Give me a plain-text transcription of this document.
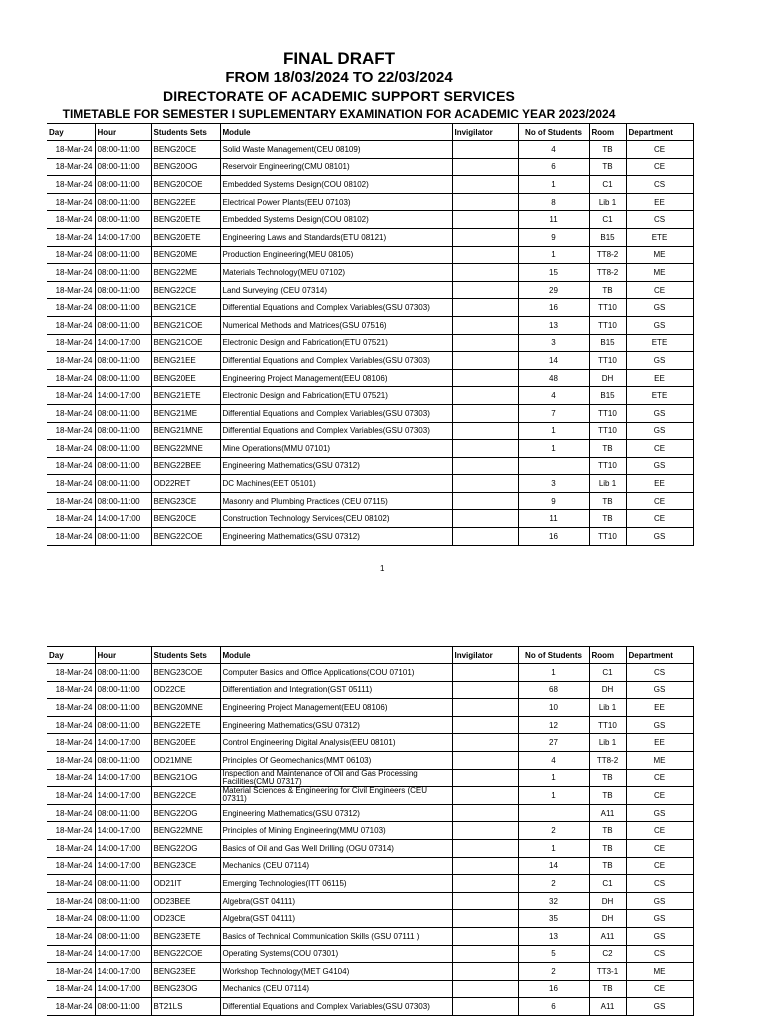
FINAL DRAFT
FROM 18/03/2024 TO 22/03/2024
DIRECTORATE OF ACADEMIC SUPPORT SERVICES
TIMETABLE FOR SEMESTER I SUPLEMENTARY EXAMINATION FOR ACADEMIC YEAR 2023/2024
Day	Hour	Students Sets	Module	Invigilator	No of Students	Room	Department
18-Mar-24	08:00-11:00	BENG20CE	Solid Waste Management(CEU 08109)		4	TB	CE
18-Mar-24	08:00-11:00	BENG20OG	Reservoir Engineering(CMU 08101)		6	TB	CE
18-Mar-24	08:00-11:00	BENG20COE	Embedded Systems Design(COU 08102)		1	C1	CS
18-Mar-24	08:00-11:00	BENG22EE	Electrical Power Plants(EEU 07103)		8	Lib 1	EE
18-Mar-24	08:00-11:00	BENG20ETE	Embedded Systems Design(COU 08102)		11	C1	CS
18-Mar-24	14:00-17:00	BENG20ETE	Engineering Laws and Standards(ETU 08121)		9	B15	ETE
18-Mar-24	08:00-11:00	BENG20ME	Production Engineering(MEU 08105)		1	TT8-2	ME
18-Mar-24	08:00-11:00	BENG22ME	Materials Technology(MEU 07102)		15	TT8-2	ME
18-Mar-24	08:00-11:00	BENG22CE	Land Surveying (CEU 07314)		29	TB	CE
18-Mar-24	08:00-11:00	BENG21CE	Differential Equations and Complex Variables(GSU 07303)		16	TT10	GS
18-Mar-24	08:00-11:00	BENG21COE	Numerical Methods and Matrices(GSU 07516)		13	TT10	GS
18-Mar-24	14:00-17:00	BENG21COE	Electronic Design and Fabrication(ETU 07521)		3	B15	ETE
18-Mar-24	08:00-11:00	BENG21EE	Differential Equations and Complex Variables(GSU 07303)		14	TT10	GS
18-Mar-24	08:00-11:00	BENG20EE	Engineering Project Management(EEU 08106)		48	DH	EE
18-Mar-24	14:00-17:00	BENG21ETE	Electronic Design and Fabrication(ETU 07521)		4	B15	ETE
18-Mar-24	08:00-11:00	BENG21ME	Differential Equations and Complex Variables(GSU 07303)		7	TT10	GS
18-Mar-24	08:00-11:00	BENG21MNE	Differential Equations and Complex Variables(GSU 07303)		1	TT10	GS
18-Mar-24	08:00-11:00	BENG22MNE	Mine Operations(MMU 07101)		1	TB	CE
18-Mar-24	08:00-11:00	BENG22BEE	Engineering Mathematics(GSU 07312)			TT10	GS
18-Mar-24	08:00-11:00	OD22RET	DC Machines(EET 05101)		3	Lib 1	EE
18-Mar-24	08:00-11:00	BENG23CE	Masonry and Plumbing Practices (CEU 07115)		9	TB	CE
18-Mar-24	14:00-17:00	BENG20CE	Construction Technology Services(CEU 08102)		11	TB	CE
18-Mar-24	08:00-11:00	BENG22COE	Engineering Mathematics(GSU 07312)		16	TT10	GS
1
Day	Hour	Students Sets	Module	Invigilator	No of Students	Room	Department
18-Mar-24	08:00-11:00	BENG23COE	Computer Basics and Office Applications(COU 07101)		1	C1	CS
18-Mar-24	08:00-11:00	OD22CE	Differentiation and Integration(GST 05111)		68	DH	GS
18-Mar-24	08:00-11:00	BENG20MNE	Engineering Project Management(EEU 08106)		10	Lib 1	EE
18-Mar-24	08:00-11:00	BENG22ETE	Engineering Mathematics(GSU 07312)		12	TT10	GS
18-Mar-24	14:00-17:00	BENG20EE	Control Engineering Digital Analysis(EEU 08101)		27	Lib 1	EE
18-Mar-24	08:00-11:00	OD21MNE	Principles Of Geomechanics(MMT 06103)		4	TT8-2	ME
18-Mar-24	14:00-17:00	BENG21OG	Inspection and Maintenance of Oil and Gas Processing Facilities(CMU 07317)		1	TB	CE
18-Mar-24	14:00-17:00	BENG22CE	Material Sciences & Engineering for Civil Engineers (CEU 07311)		1	TB	CE
18-Mar-24	08:00-11:00	BENG22OG	Engineering Mathematics(GSU 07312)			A11	GS
18-Mar-24	14:00-17:00	BENG22MNE	Principles of Mining Engineering(MMU 07103)		2	TB	CE
18-Mar-24	14:00-17:00	BENG22OG	Basics of Oil and Gas Well Drilling (OGU 07314)		1	TB	CE
18-Mar-24	14:00-17:00	BENG23CE	Mechanics (CEU 07114)		14	TB	CE
18-Mar-24	08:00-11:00	OD21IT	Emerging Technologies(ITT 06115)		2	C1	CS
18-Mar-24	08:00-11:00	OD23BEE	Algebra(GST 04111)		32	DH	GS
18-Mar-24	08:00-11:00	OD23CE	Algebra(GST 04111)		35	DH	GS
18-Mar-24	08:00-11:00	BENG23ETE	Basics of Technical Communication Skills (GSU 07111 )		13	A11	GS
18-Mar-24	14:00-17:00	BENG22COE	Operating Systems(COU 07301)		5	C2	CS
18-Mar-24	14:00-17:00	BENG23EE	Workshop Technology(MET G4104)		2	TT3-1	ME
18-Mar-24	14:00-17:00	BENG23OG	Mechanics (CEU 07114)		16	TB	CE
18-Mar-24	08:00-11:00	BT21LS	Differential Equations and Complex Variables(GSU 07303)		6	A11	GS
